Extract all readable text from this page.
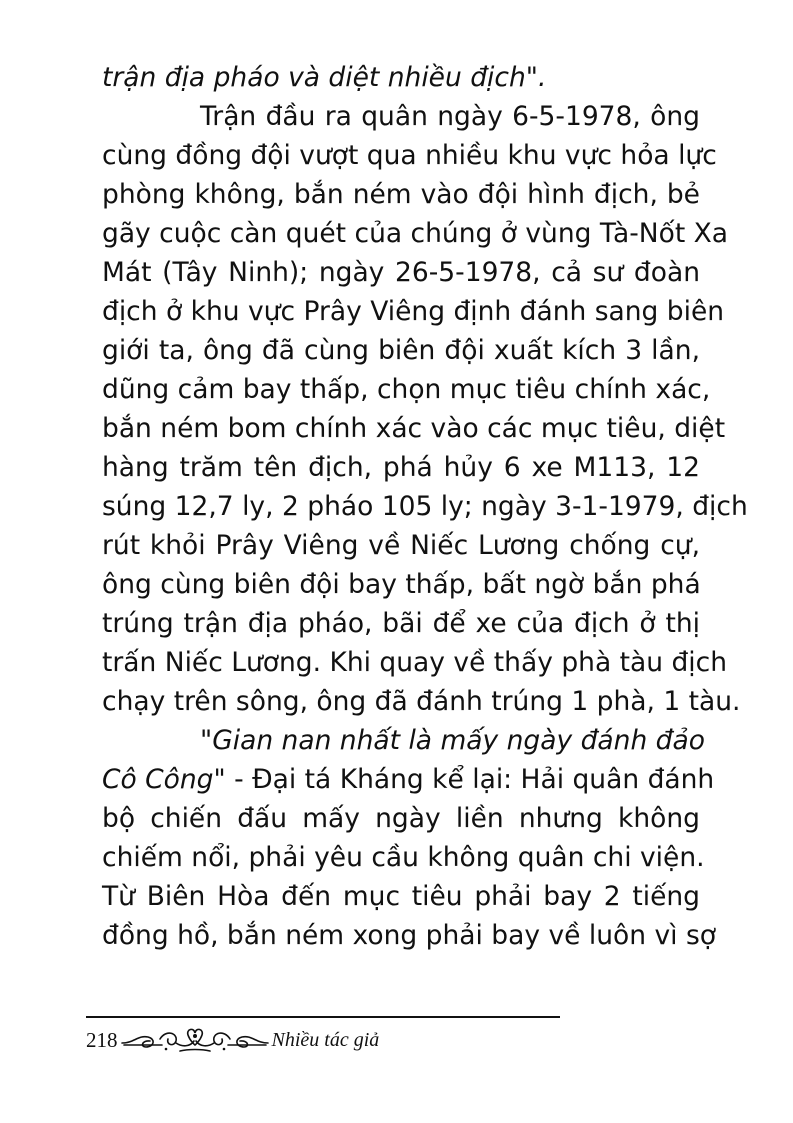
trận địa pháo và diệt nhiều địch".
Trận đầu ra quân ngày 6-5-1978, ông
cùng đồng đội vượt qua nhiều khu vực hỏa lực
phòng không, bắn ném vào đội hình địch, bẻ
gãy cuộc càn quét của chúng ở vùng Tà-Nốt Xa
Mát (Tây Ninh); ngày 26-5-1978, cả sư đoàn
địch ở khu vực Prây Viêng định đánh sang biên
giới ta, ông đã cùng biên đội xuất kích 3 lần,
dũng cảm bay thấp, chọn mục tiêu chính xác,
bắn ném bom chính xác vào các mục tiêu, diệt
hàng trăm tên địch, phá hủy 6 xe M113, 12
súng 12,7 ly, 2 pháo 105 ly; ngày 3-1-1979, địch
rút khỏi Prây Viêng về Niếc Lương chống cự,
ông cùng biên đội bay thấp, bất ngờ bắn phá
trúng trận địa pháo, bãi để xe của địch ở thị
trấn Niếc Lương. Khi quay về thấy phà tàu địch
chạy trên sông, ông đã đánh trúng 1 phà, 1 tàu.
"Gian nan nhất là mấy ngày đánh đảo
Cô Công" - Đại tá Kháng kể lại: Hải quân đánh
bộ chiến đấu mấy ngày liền nhưng không
chiếm nổi, phải yêu cầu không quân chi viện.
Từ Biên Hòa đến mục tiêu phải bay 2 tiếng
đồng hồ, bắn ném xong phải bay về luôn vì sợ
218	Nhiều tác giả
